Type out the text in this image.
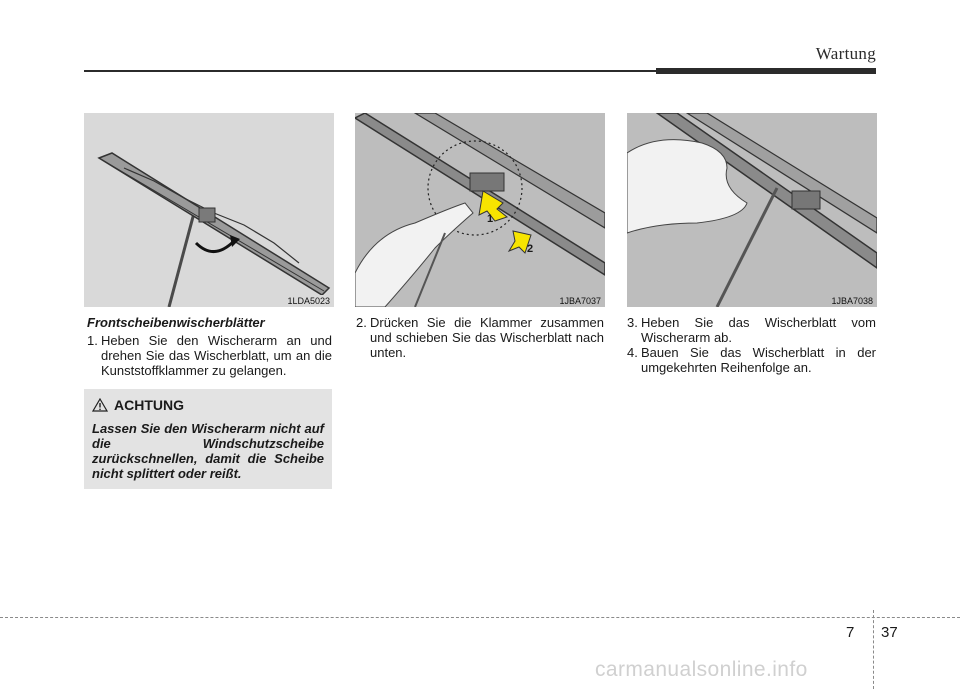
Wartung
1LDA5023
1
2
1JBA7037	1JBA7038
Frontscheibenwischerblätter
1. Heben Sie den Wischerarm an und drehen Sie das Wischerblatt, um an die Kunststoffklammer zu gelangen.
2. Drücken Sie die Klammer zusammen und schieben Sie das Wischerblatt nach unten.
3. Heben Sie das Wischerblatt vom Wischerarm ab.
4. Bauen Sie das Wischerblatt in der umgekehrten Reihenfolge an.
ACHTUNG
Lassen Sie den Wischerarm nicht auf die Windschutzscheibe zurückschnellen, damit die Scheibe nicht splittert oder reißt.
7 37
carmanualsonline.info
